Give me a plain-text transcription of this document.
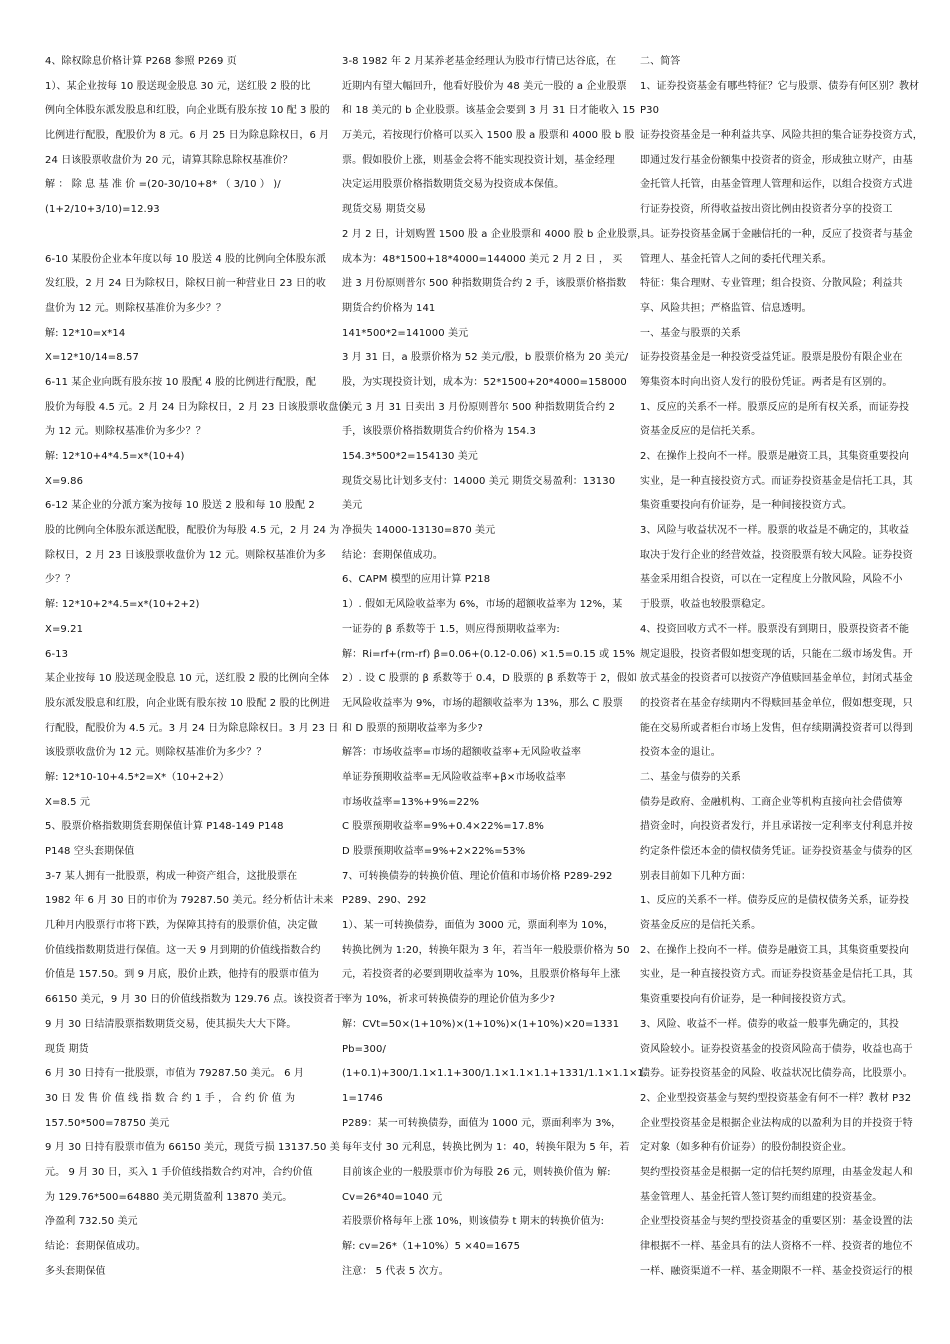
4、除权除息价格计算 P268 参照 P269 页
1）、某企业按每 10 股送现金股息 30 元，送红股 2 股的比
例向全体股东派发股息和红股，向企业既有股东按 10 配 3 股的
比例进行配股，配股价为 8 元。6 月 25 日为除息除权日，6 月
24 日该股票收盘价为 20 元，请算其除息除权基准价？
解 ： 除 息 基 准 价 =(20-30/10+8* （ 3/10 ） )/
(1+2/10+3/10)=12.93
6-10 某股份企业本年度以每 10 股送 4 股的比例向全体股东派
发红股，2 月 24 日为除权日，除权日前一种营业日 23 日的收
盘价为 12 元。则除权基准价为多少？？
解: 12*10=x*14
X=12*10/14=8.57
6-11 某企业向既有股东按 10 股配 4 股的比例进行配股，配
股价为每股 4.5 元。2 月 24 日为除权日，2 月 23 日该股票收盘价
为 12 元。则除权基准价为多少？？
解: 12*10+4*4.5=x*(10+4)
X=9.86
6-12 某企业的分派方案为按每 10 股送 2 股和每 10 股配 2
股的比例向全体股东派送配股，配股价为每股 4.5 元，2 月 24 为
除权日，2 月 23 日该股票收盘价为 12 元。则除权基准价为多
少？？
解: 12*10+2*4.5=x*(10+2+2)
X=9.21
6-13
某企业按每 10 股送现金股息 10 元，送红股 2 股的比例向全体
股东派发股息和红股，向企业既有股东按 10 股配 2 股的比例进
行配股，配股价为 4.5 元。3 月 24 日为除息除权日。3 月 23 日
该股票收盘价为 12 元。则除权基准价为多少？？
解: 12*10-10+4.5*2=X*（10+2+2）
X=8.5 元
5、股票价格指数期货套期保值计算 P148-149 P148
P148 空头套期保值
3-7 某人拥有一批股票，构成一种资产组合，这批股票在
1982 年 6 月 30 日的市价为 79287.50 美元。经分析估计未来
几种月内股票行市将下跌，为保障其持有的股票价值，决定做
价值线指数期货进行保值。这一天 9 月到期的价值线指数合约
价值是 157.50。到 9 月底，股价止跌，他持有的股票市值为
66150 美元，9 月 30 日的价值线指数为 129.76 点。该投资者于
9 月 30 日结清股票指数期货交易，使其损失大大下降。
现货 期货
6 月 30 日持有一批股票，市值为 79287.50 美元。 6 月
30 日 发 售 价 值 线 指 数 合 约 1 手 ， 合 约 价 值 为
157.50*500=78750 美元
9 月 30 日持有股票市值为 66150 美元，现货亏损 13137.50 美
元。 9 月 30 日，买入 1 手价值线指数合约对冲，合约价值
为 129.76*500=64880 美元期货盈利 13870 美元。
净盈利 732.50 美元
结论：套期保值成功。
多头套期保值
3-8 1982 年 2 月某养老基金经理认为股市行情已达谷底，在
近期内有望大幅回升，他看好股价为 48 美元一股的 a 企业股票
和 18 美元的 b 企业股票。该基金会要到 3 月 31 日才能收入 15
万美元，若按现行价格可以买入 1500 股 a 股票和 4000 股 b 股
票。假如股价上涨，则基金会将不能实现投资计划，基金经理
决定运用股票价格指数期货交易为投资成本保值。
现货交易 期货交易
2 月 2 日，计划购置 1500 股 a 企业股票和 4000 股 b 企业股票，
成本为：48*1500+18*4000=144000 美元 2 月 2 日 ， 买
进 3 月份原则普尔 500 种指数期货合约 2 手，该股票价格指数
期货合约价格为 141
141*500*2=141000 美元
3 月 31 日，a 股票价格为 52 美元/股，b 股票价格为 20 美元/
股，为实现投资计划，成本为：52*1500+20*4000=158000
美元 3 月 31 日卖出 3 月份原则普尔 500 种指数期货合约 2
手，该股票价格指数期货合约价格为 154.3
154.3*500*2=154130 美元
现货交易比计划多支付：14000 美元 期货交易盈利：13130
美元
净损失 14000-13130=870 美元
结论：套期保值成功。
6、CAPM 模型的应用计算 P218
1）. 假如无风险收益率为 6%，市场的超额收益率为 12%，某
一证券的 β 系数等于 1.5，则应得预期收益率为:
解：Ri=rf+(rm-rf) β=0.06+(0.12-0.06) ×1.5=0.15 或 15%
2）. 设 C 股票的 β 系数等于 0.4，D 股票的 β 系数等于 2，假如
无风险收益率为 9%，市场的超额收益率为 13%，那么 C 股票
和 D 股票的预期收益率为多少?
解答：市场收益率=市场的超额收益率+无风险收益率
单证券预期收益率=无风险收益率+β×市场收益率
市场收益率=13%+9%=22%
C 股票预期收益率=9%+0.4×22%=17.8%
D 股票预期收益率=9%+2×22%=53%
7、可转换债券的转换价值、理论价值和市场价格 P289-292
P289、290、292
1）、某一可转换债券，面值为 3000 元，票面利率为 10%，
转换比例为 1:20，转换年限为 3 年，若当年一般股票价格为 50
元，若投资者的必要到期收益率为 10%，且股票价格每年上涨
率为 10%，祈求可转换债券的理论价值为多少?
解：CVt=50×(1+10%)×(1+10%)×(1+10%)×20=1331
Pb=300/
(1+0.1)+300/1.1×1.1+300/1.1×1.1×1.1+1331/1.1×1.1×1.
1=1746
P289：某一可转换债券，面值为 1000 元，票面利率为 3%，
每年支付 30 元利息，转换比例为 1：40，转换年限为 5 年，若
目前该企业的一般股票市价为每股 26 元，则转换价值为 解:
Cv=26*40=1040 元
若股票价格每年上涨 10%，则该债券 t 期末的转换价值为:
解: cv=26*（1+10%）5 ×40=1675
注意： 5 代表 5 次方。
二、简答
1、证券投资基金有哪些特征？它与股票、债券有何区别？教材
P30
证券投资基金是一种利益共享、风险共担的集合证券投资方式，
即通过发行基金份额集中投资者的资金，形成独立财产，由基
金托管人托管，由基金管理人管理和运作，以组合投资方式进
行证券投资，所得收益按出资比例由投资者分享的投资工
具。证券投资基金属于金融信托的一种，反应了投资者与基金
管理人、基金托管人之间的委托代理关系。
特征：集合理财、专业管理；组合投资、分散风险；利益共
享、风险共担；严格监管、信息透明。
一、基金与股票的关系
证券投资基金是一种投资受益凭证。股票是股份有限企业在
筹集资本时向出资人发行的股份凭证。两者是有区别的。
1、反应的关系不一样。股票反应的是所有权关系，而证券投
资基金反应的是信托关系。
2、在操作上投向不一样。股票是融资工具，其集资重要投向
实业，是一种直接投资方式。而证券投资基金是信托工具，其
集资重要投向有价证券，是一种间接投资方式。
3、风险与收益状况不一样。股票的收益是不确定的，其收益
取决于发行企业的经营效益，投资股票有较大风险。证券投资
基金采用组合投资，可以在一定程度上分散风险，风险不小
于股票，收益也较股票稳定。
4、投资回收方式不一样。股票没有到期日，股票投资者不能
规定退股，投资者假如想变现的话，只能在二级市场发售。开
放式基金的投资者可以按资产净值赎回基金单位，封闭式基金
的投资者在基金存续期内不得赎回基金单位，假如想变现，只
能在交易所或者柜台市场上发售，但存续期满投资者可以得到
投资本金的退让。
二、基金与债券的关系
债券是政府、金融机构、工商企业等机构直接向社会借债筹
措资金时，向投资者发行，并且承诺按一定利率支付利息并按
约定条件偿还本金的债权债务凭证。证券投资基金与债券的区
别表目前如下几种方面：
1、反应的关系不一样。债券反应的是债权债务关系，证券投
资基金反应的是信托关系。
2、在操作上投向不一样。债券是融资工具，其集资重要投向
实业，是一种直接投资方式。而证券投资基金是信托工具，其
集资重要投向有价证券，是一种间接投资方式。
3、风险、收益不一样。债券的收益一般事先确定的，其投
资风险较小。证券投资基金的投资风险高于债券，收益也高于
债券。证券投资基金的风险、收益状况比债券高，比股票小。
2、企业型投资基金与契约型投资基金有何不一样？教材 P32
企业型投资基金是根据企业法构成的以盈利为目的并投资于特
定对象（如多种有价证券）的股份制投资企业。
契约型投资基金是根据一定的信托契约原理，由基金发起人和
基金管理人、基金托管人签订契约而组建的投资基金。
企业型投资基金与契约型投资基金的重要区别：基金设置的法
律根据不一样、基金具有的法人资格不一样、投资者的地位不
一样、融资渠道不一样、基金期限不一样、基金投资运行的根
